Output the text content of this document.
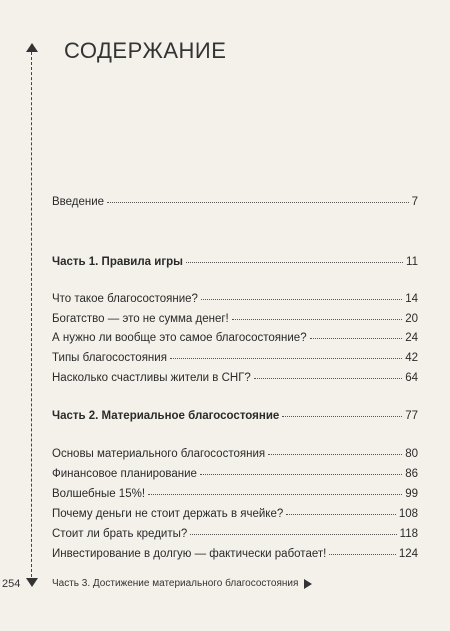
СОДЕРЖАНИЕ
Введение	7
Часть 1. Правила игры	11
Что такое благосостояние?	14
Богатство — это не сумма денег!	20
А нужно ли вообще это самое благосостояние?	24
Типы благосостояния	42
Насколько счастливы жители в СНГ?	64
Часть 2. Материальное благосостояние	77
Основы материального благосостояния	80
Финансовое планирование	86
Волшебные 15%!	99
Почему деньги не стоит держать в ячейке?	108
Стоит ли брать кредиты?	118
Инвестирование в долгую — фактически работает!	124
254	Часть 3. Достижение материального благосостояния
